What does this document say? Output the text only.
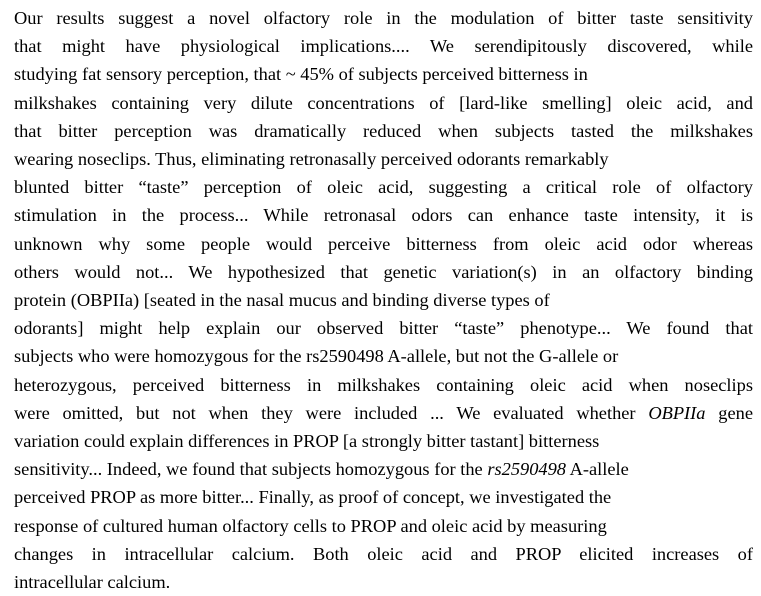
Our results suggest a novel olfactory role in the modulation of bitter taste sensitivity
that might have physiological implications.... We serendipitously discovered, while
studying fat sensory perception, that ~ 45% of subjects perceived bitterness in
milkshakes containing very dilute concentrations of [lard-like smelling] oleic acid, and
that bitter perception was dramatically reduced when subjects tasted the milkshakes
wearing noseclips. Thus, eliminating retronasally perceived odorants remarkably
blunted bitter “taste” perception of oleic acid, suggesting a critical role of olfactory
stimulation in the process... While retronasal odors can enhance taste intensity, it is
unknown why some people would perceive bitterness from oleic acid odor whereas
others would not... We hypothesized that genetic variation(s) in an olfactory binding
protein (OBPIIa) [seated in the nasal mucus and binding diverse types of
odorants] might help explain our observed bitter “taste” phenotype... We found that
subjects who were homozygous for the rs2590498 A-allele, but not the G-allele or
heterozygous, perceived bitterness in milkshakes containing oleic acid when noseclips
were omitted, but not when they were included ... We evaluated whether OBPIIa gene
variation could explain differences in PROP [a strongly bitter tastant] bitterness
sensitivity... Indeed, we found that subjects homozygous for the rs2590498 A-allele
perceived PROP as more bitter... Finally, as proof of concept, we investigated the
response of cultured human olfactory cells to PROP and oleic acid by measuring
changes in intracellular calcium. Both oleic acid and PROP elicited increases of
intracellular calcium.
